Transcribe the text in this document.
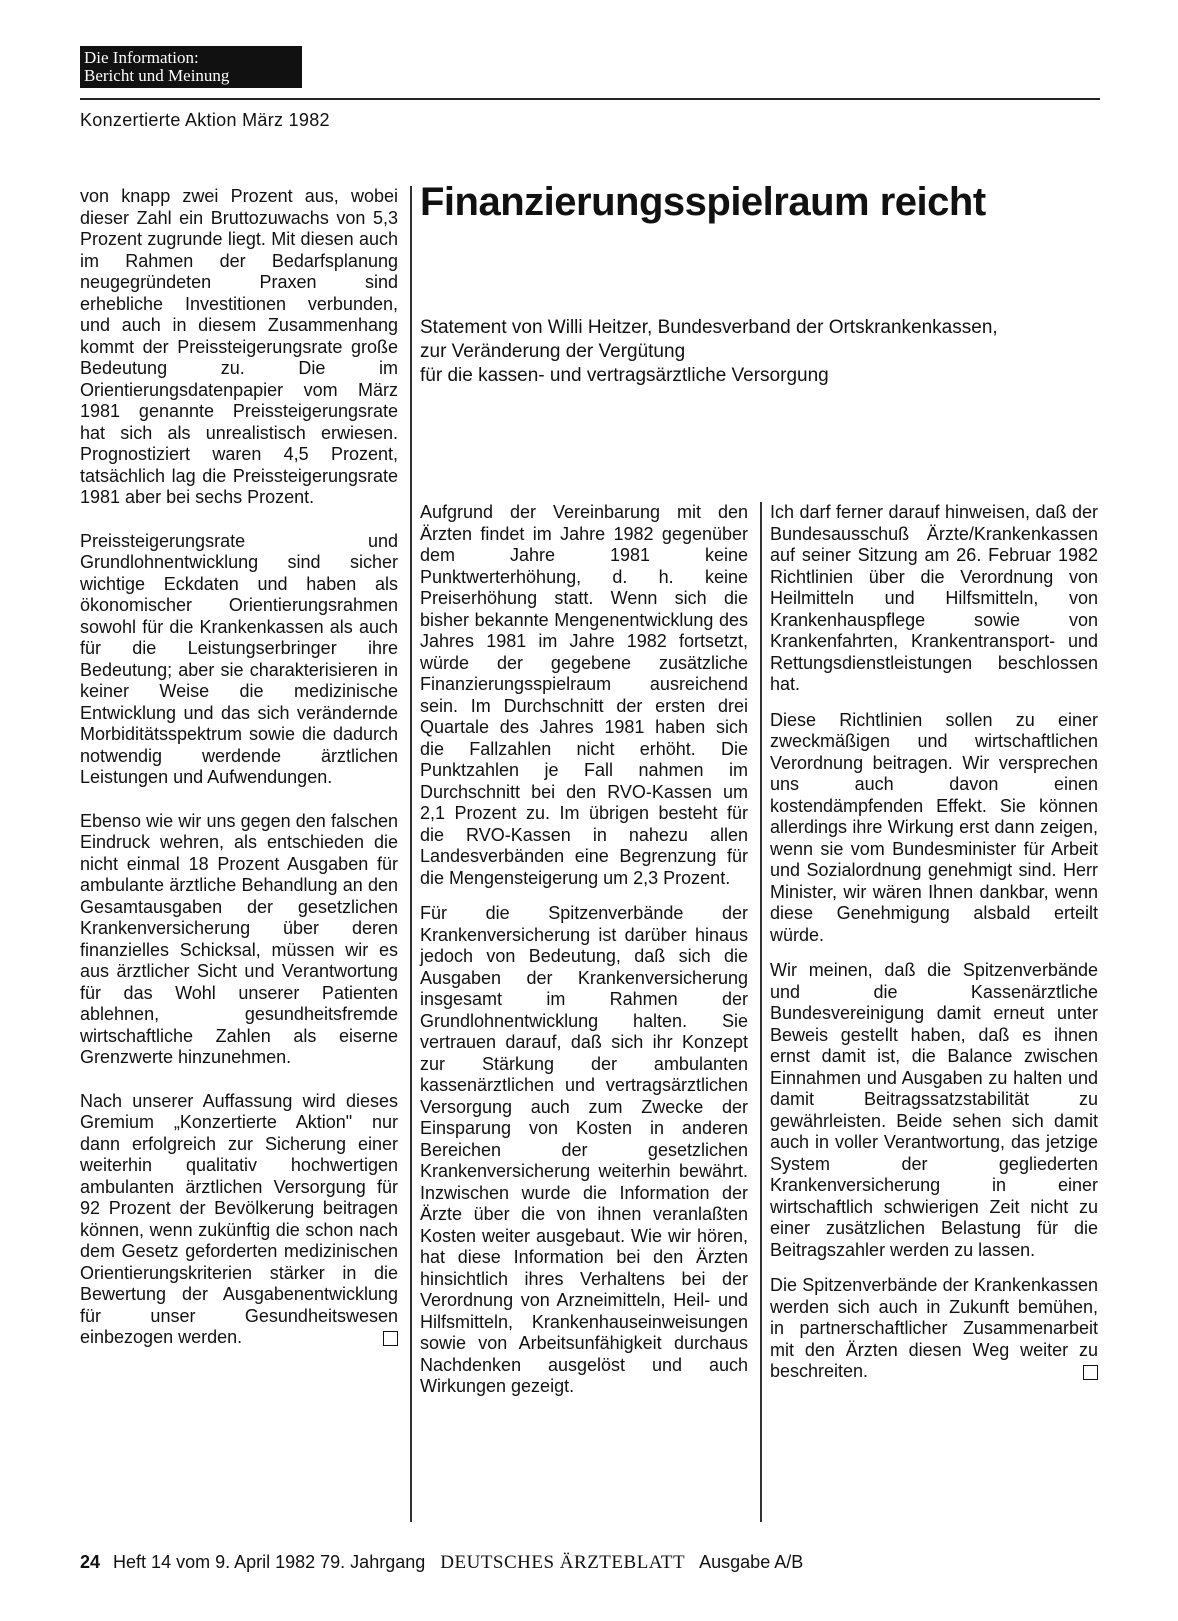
Die Information:
Bericht und Meinung
Konzertierte Aktion März 1982

von knapp zwei Prozent aus, wobei dieser Zahl ein Bruttozuwachs von 5,3 Prozent zugrunde liegt. Mit diesen auch im Rahmen der Bedarfsplanung neugegründeten Praxen sind erhebliche Investitionen verbunden, und auch in diesem Zusammenhang kommt der Preissteigerungsrate große Bedeutung zu. Die im Orientierungsdatenpapier vom März 1981 genannte Preissteigerungsrate hat sich als unrealistisch erwiesen. Prognostiziert waren 4,5 Prozent, tatsächlich lag die Preissteigerungsrate 1981 aber bei sechs Prozent.

Preissteigerungsrate und Grundlohnentwicklung sind sicher wichtige Eckdaten und haben als ökonomischer Orientierungsrahmen sowohl für die Krankenkassen als auch für die Leistungserbringer ihre Bedeutung; aber sie charakterisieren in keiner Weise die medizinische Entwicklung und das sich verändernde Morbiditätsspektrum sowie die dadurch notwendig werdende ärztlichen Leistungen und Aufwendungen.

Ebenso wie wir uns gegen den falschen Eindruck wehren, als entschieden die nicht einmal 18 Prozent Ausgaben für ambulante ärztliche Behandlung an den Gesamtausgaben der gesetzlichen Krankenversicherung über deren finanzielles Schicksal, müssen wir es aus ärztlicher Sicht und Verantwortung für das Wohl unserer Patienten ablehnen, gesundheitsfremde wirtschaftliche Zahlen als eiserne Grenzwerte hinzunehmen.

Nach unserer Auffassung wird dieses Gremium „Konzertierte Aktion" nur dann erfolgreich zur Sicherung einer weiterhin qualitativ hochwertigen ambulanten ärztlichen Versorgung für 92 Prozent der Bevölkerung beitragen können, wenn zukünftig die schon nach dem Gesetz geforderten medizinischen Orientierungskriterien stärker in die Bewertung der Ausgabenentwicklung für unser Gesundheitswesen einbezogen werden.

Finanzierungsspielraum reicht
Statement von Willi Heitzer, Bundesverband der Ortskrankenkassen,
zur Veränderung der Vergütung
für die kassen- und vertragsärztliche Versorgung

Aufgrund der Vereinbarung mit den Ärzten findet im Jahre 1982 gegenüber dem Jahre 1981 keine Punktwerterhöhung, d. h. keine Preiserhöhung statt. Wenn sich die bisher bekannte Mengenentwicklung des Jahres 1981 im Jahre 1982 fortsetzt, würde der gegebene zusätzliche Finanzierungsspielraum ausreichend sein. Im Durchschnitt der ersten drei Quartale des Jahres 1981 haben sich die Fallzahlen nicht erhöht. Die Punktzahlen je Fall nahmen im Durchschnitt bei den RVO-Kassen um 2,1 Prozent zu. Im übrigen besteht für die RVO-Kassen in nahezu allen Landesverbänden eine Begrenzung für die Mengensteigerung um 2,3 Prozent.

Für die Spitzenverbände der Krankenversicherung ist darüber hinaus jedoch von Bedeutung, daß sich die Ausgaben der Krankenversicherung insgesamt im Rahmen der Grundlohnentwicklung halten. Sie vertrauen darauf, daß sich ihr Konzept zur Stärkung der ambulanten kassenärztlichen und vertragsärztlichen Versorgung auch zum Zwecke der Einsparung von Kosten in anderen Bereichen der gesetzlichen Krankenversicherung weiterhin bewährt. Inzwischen wurde die Information der Ärzte über die von ihnen veranlaßten Kosten weiter ausgebaut. Wie wir hören, hat diese Information bei den Ärzten hinsichtlich ihres Verhaltens bei der Verordnung von Arzneimitteln, Heil- und Hilfsmitteln, Krankenhauseinweisungen sowie von Arbeitsunfähigkeit durchaus Nachdenken ausgelöst und auch Wirkungen gezeigt.

Ich darf ferner darauf hinweisen, daß der Bundesausschuß Ärzte/Krankenkassen auf seiner Sitzung am 26. Februar 1982 Richtlinien über die Verordnung von Heilmitteln und Hilfsmitteln, von Krankenhauspflege sowie von Krankenfahrten, Krankentransport- und Rettungsdienstleistungen beschlossen hat.

Diese Richtlinien sollen zu einer zweckmäßigen und wirtschaftlichen Verordnung beitragen. Wir versprechen uns auch davon einen kostendämpfenden Effekt. Sie können allerdings ihre Wirkung erst dann zeigen, wenn sie vom Bundesminister für Arbeit und Sozialordnung genehmigt sind. Herr Minister, wir wären Ihnen dankbar, wenn diese Genehmigung alsbald erteilt würde.

Wir meinen, daß die Spitzenverbände und die Kassenärztliche Bundesvereinigung damit erneut unter Beweis gestellt haben, daß es ihnen ernst damit ist, die Balance zwischen Einnahmen und Ausgaben zu halten und damit Beitragssatzstabilität zu gewährleisten. Beide sehen sich damit auch in voller Verantwortung, das jetzige System der gegliederten Krankenversicherung in einer wirtschaftlich schwierigen Zeit nicht zu einer zusätzlichen Belastung für die Beitragszahler werden zu lassen.

Die Spitzenverbände der Krankenkassen werden sich auch in Zukunft bemühen, in partnerschaftlicher Zusammenarbeit mit den Ärzten diesen Weg weiter zu beschreiten.

24 Heft 14 vom 9. April 1982 79. Jahrgang DEUTSCHES ÄRZTEBLATT Ausgabe A/B
